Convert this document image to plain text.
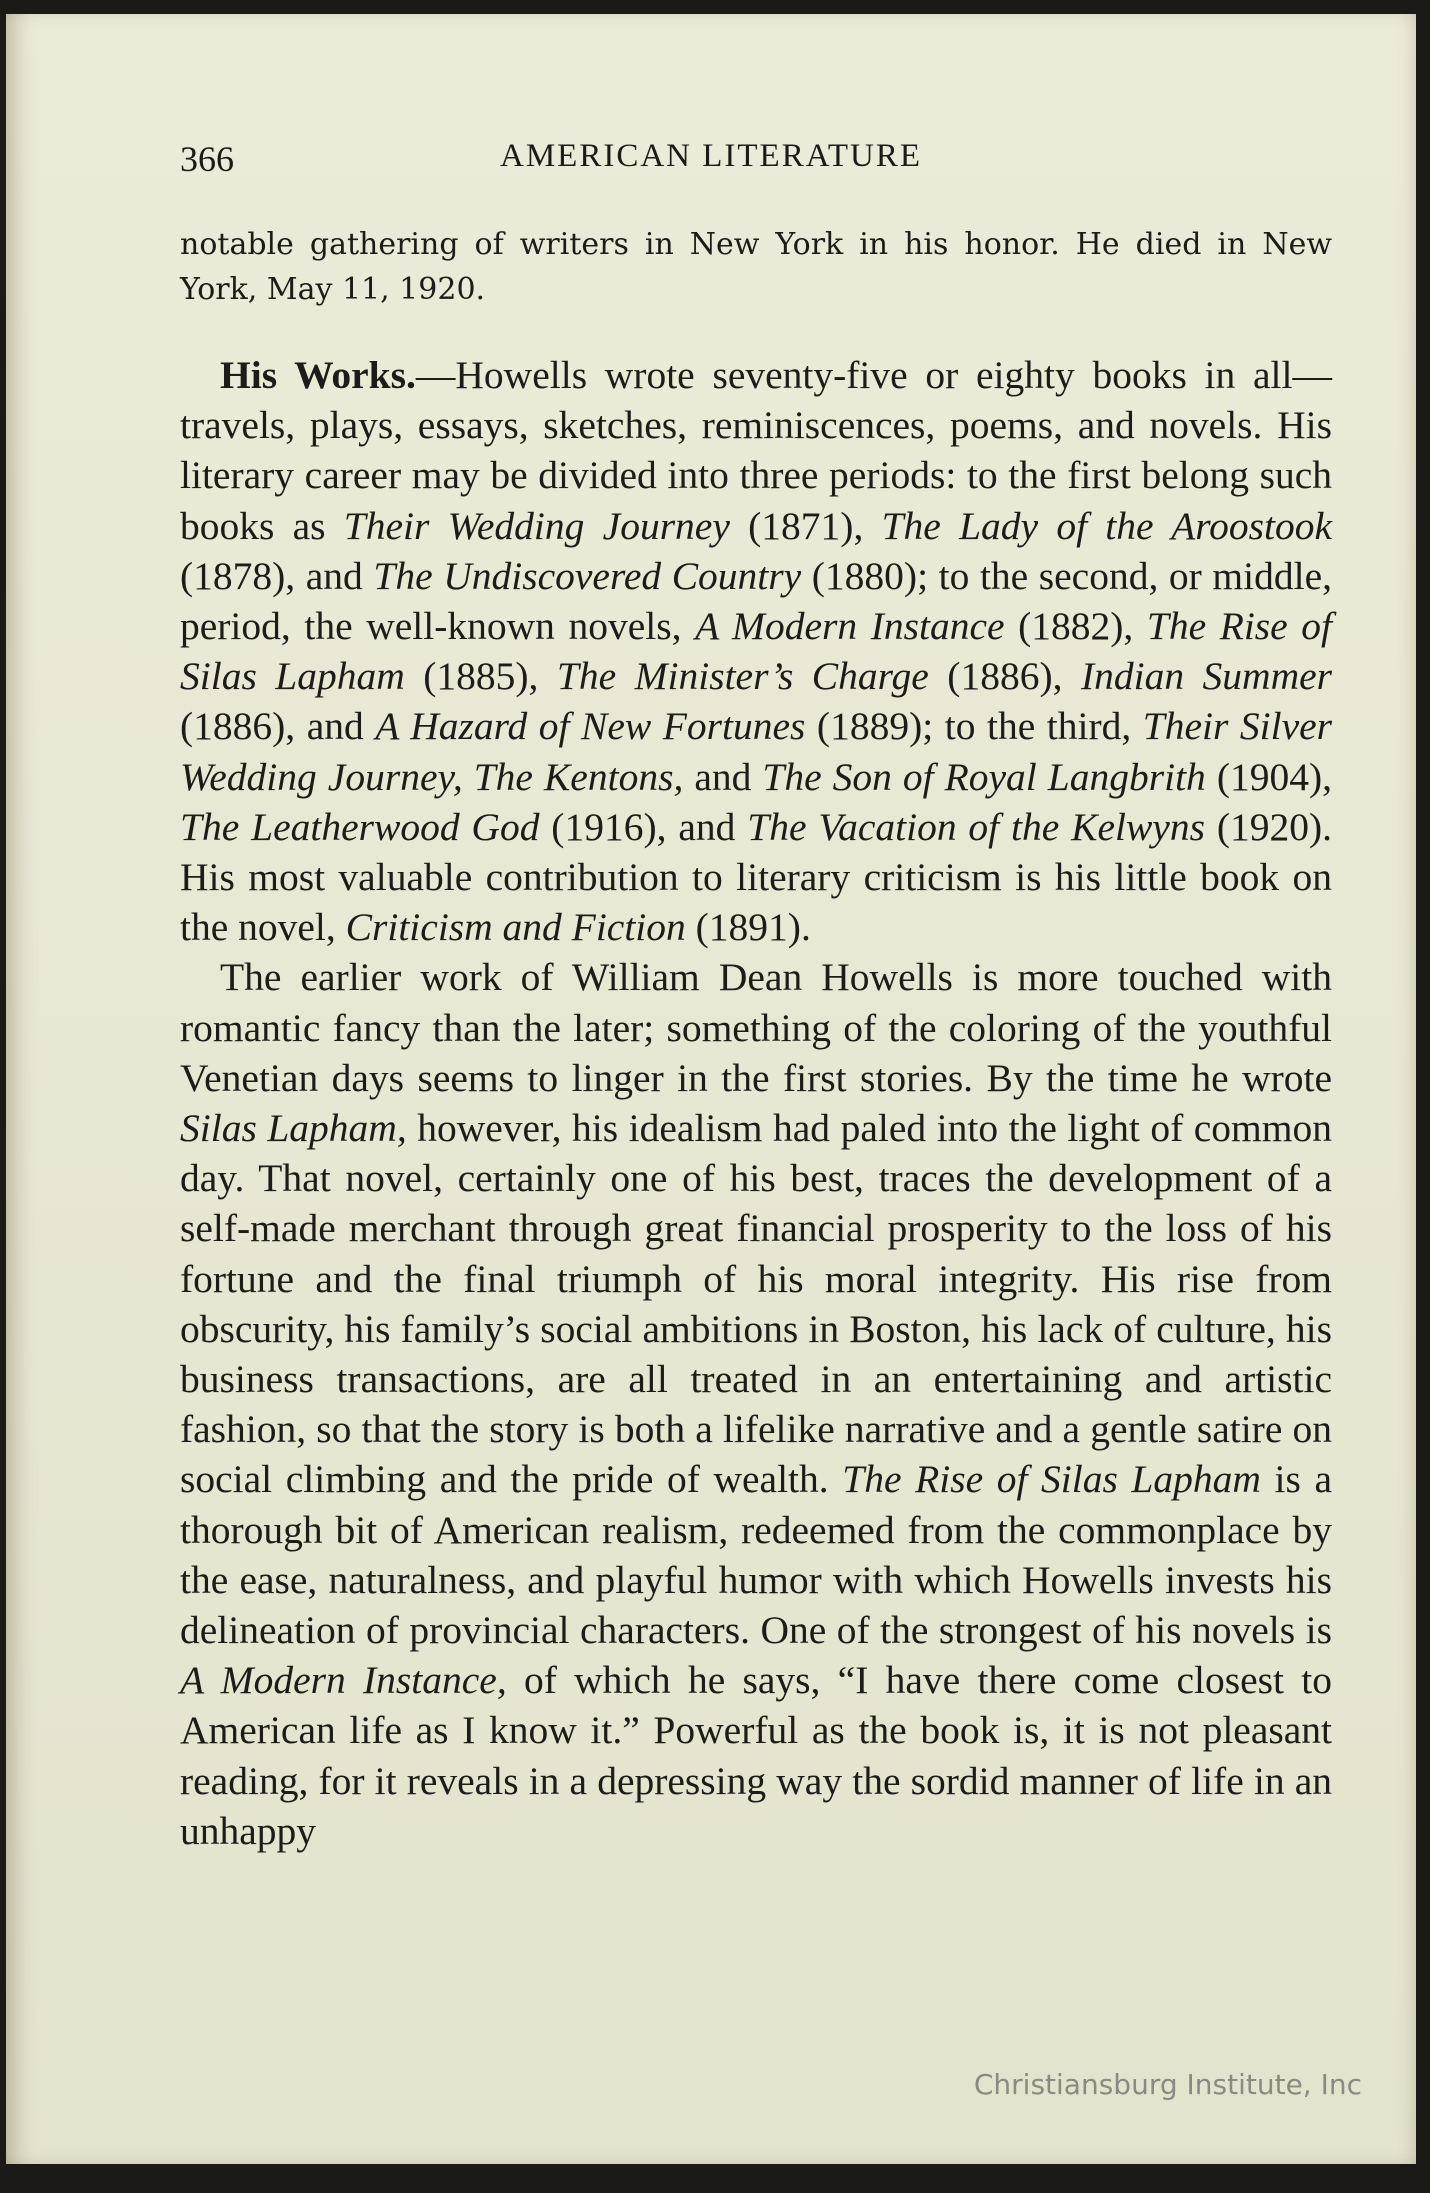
366	AMERICAN LITERATURE

notable gathering of writers in New York in his honor. He died in New York, May 11, 1920.

His Works.—Howells wrote seventy-five or eighty books in all—travels, plays, essays, sketches, reminiscences, poems, and novels. His literary career may be divided into three periods: to the first belong such books as Their Wedding Journey (1871), The Lady of the Aroostook (1878), and The Undiscovered Country (1880); to the second, or middle, period, the well-known novels, A Modern Instance (1882), The Rise of Silas Lapham (1885), The Minister’s Charge (1886), Indian Summer (1886), and A Hazard of New Fortunes (1889); to the third, Their Silver Wedding Journey, The Kentons, and The Son of Royal Langbrith (1904), The Leatherwood God (1916), and The Vacation of the Kelwyns (1920). His most valuable contribution to literary criticism is his little book on the novel, Criticism and Fiction (1891).

The earlier work of William Dean Howells is more touched with romantic fancy than the later; something of the coloring of the youthful Venetian days seems to linger in the first stories. By the time he wrote Silas Lapham, however, his idealism had paled into the light of common day. That novel, certainly one of his best, traces the development of a self-made merchant through great financial prosperity to the loss of his fortune and the final triumph of his moral integrity. His rise from obscurity, his family’s social ambitions in Boston, his lack of culture, his business transactions, are all treated in an entertaining and artistic fashion, so that the story is both a lifelike narrative and a gentle satire on social climbing and the pride of wealth. The Rise of Silas Lapham is a thorough bit of American realism, redeemed from the commonplace by the ease, naturalness, and playful humor with which Howells invests his delineation of provincial characters. One of the strongest of his novels is A Modern Instance, of which he says, “I have there come closest to American life as I know it.” Powerful as the book is, it is not pleasant reading, for it reveals in a depressing way the sordid manner of life in an unhappy

Christiansburg Institute, Inc
